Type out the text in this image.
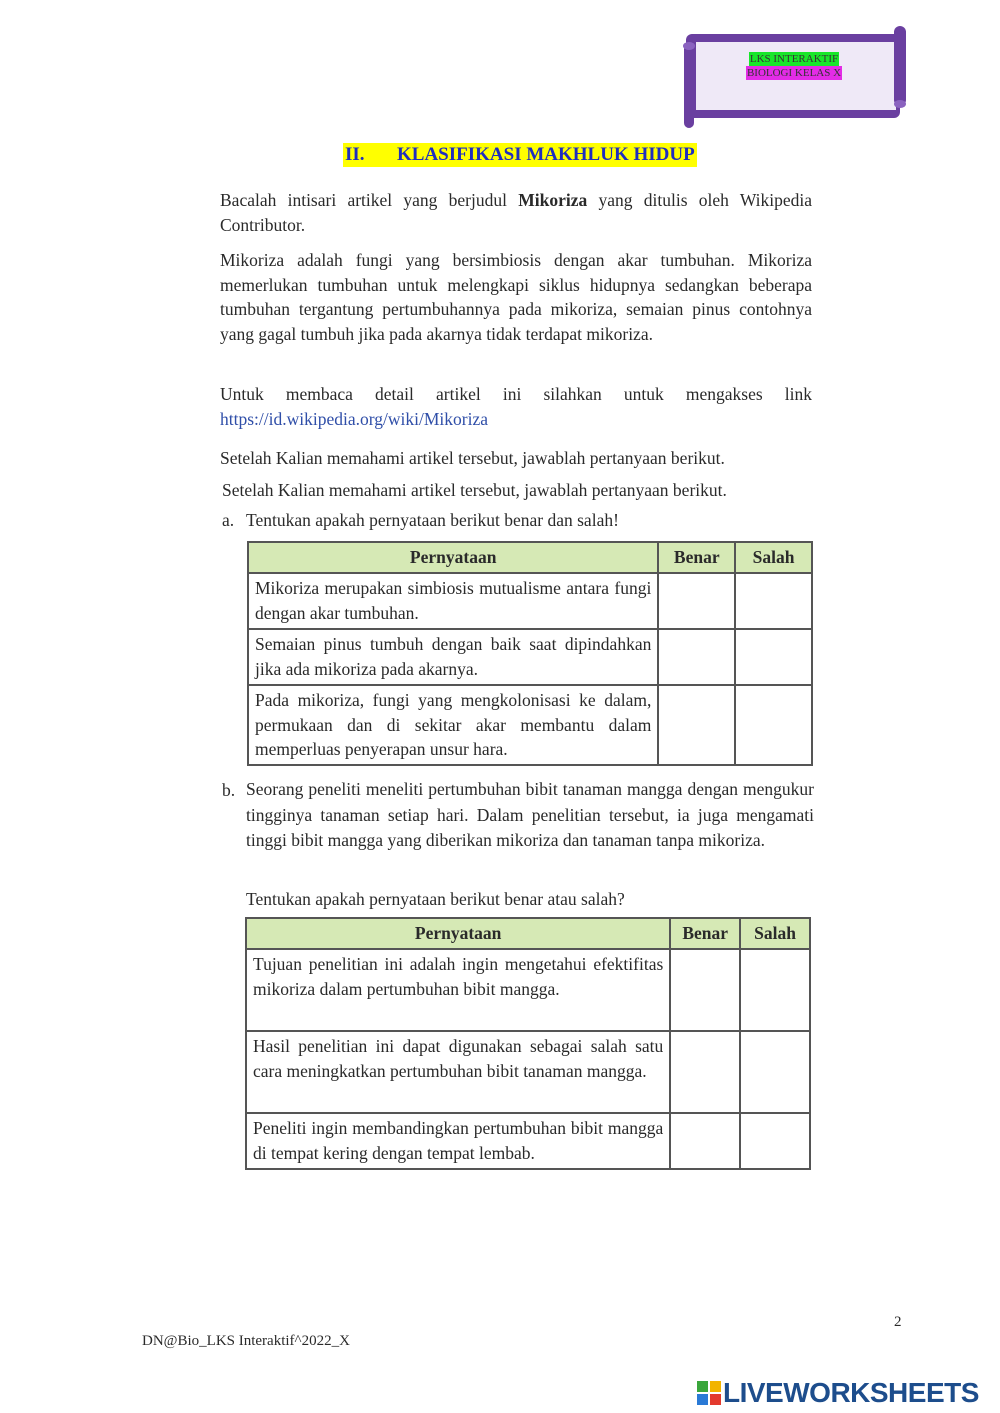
LKS INTERAKTIF
BIOLOGI KELAS X
II. KLASIFIKASI MAKHLUK HIDUP
Bacalah intisari artikel yang berjudul Mikoriza yang ditulis oleh Wikipedia Contributor.
Mikoriza adalah fungi yang bersimbiosis dengan akar tumbuhan. Mikoriza memerlukan tumbuhan untuk melengkapi siklus hidupnya sedangkan beberapa tumbuhan tergantung pertumbuhannya pada mikoriza, semaian pinus contohnya yang gagal tumbuh jika pada akarnya tidak terdapat mikoriza.
Untuk membaca detail artikel ini silahkan untuk mengakses link https://id.wikipedia.org/wiki/Mikoriza
Setelah Kalian memahami artikel tersebut, jawablah pertanyaan berikut.
Setelah Kalian memahami artikel tersebut, jawablah pertanyaan berikut.
a. Tentukan apakah pernyataan berikut benar dan salah!
Pernyataan	Benar	Salah
Mikoriza merupakan simbiosis mutualisme antara fungi dengan akar tumbuhan.		
Semaian pinus tumbuh dengan baik saat dipindahkan jika ada mikoriza pada akarnya.		
Pada mikoriza, fungi yang mengkolonisasi ke dalam, permukaan dan di sekitar akar membantu dalam memperluas penyerapan unsur hara.		
b. Seorang peneliti meneliti pertumbuhan bibit tanaman mangga dengan mengukur tingginya tanaman setiap hari. Dalam penelitian tersebut, ia juga mengamati tinggi bibit mangga yang diberikan mikoriza dan tanaman tanpa mikoriza.
Tentukan apakah pernyataan berikut benar atau salah?
Pernyataan	Benar	Salah
Tujuan penelitian ini adalah ingin mengetahui efektifitas mikoriza dalam pertumbuhan bibit mangga.		
Hasil penelitian ini dapat digunakan sebagai salah satu cara meningkatkan pertumbuhan bibit tanaman mangga.		
Peneliti ingin membandingkan pertumbuhan bibit mangga di tempat kering dengan tempat lembab.		
2
DN@Bio_LKS Interaktif^2022_X
LIVEWORKSHEETS
